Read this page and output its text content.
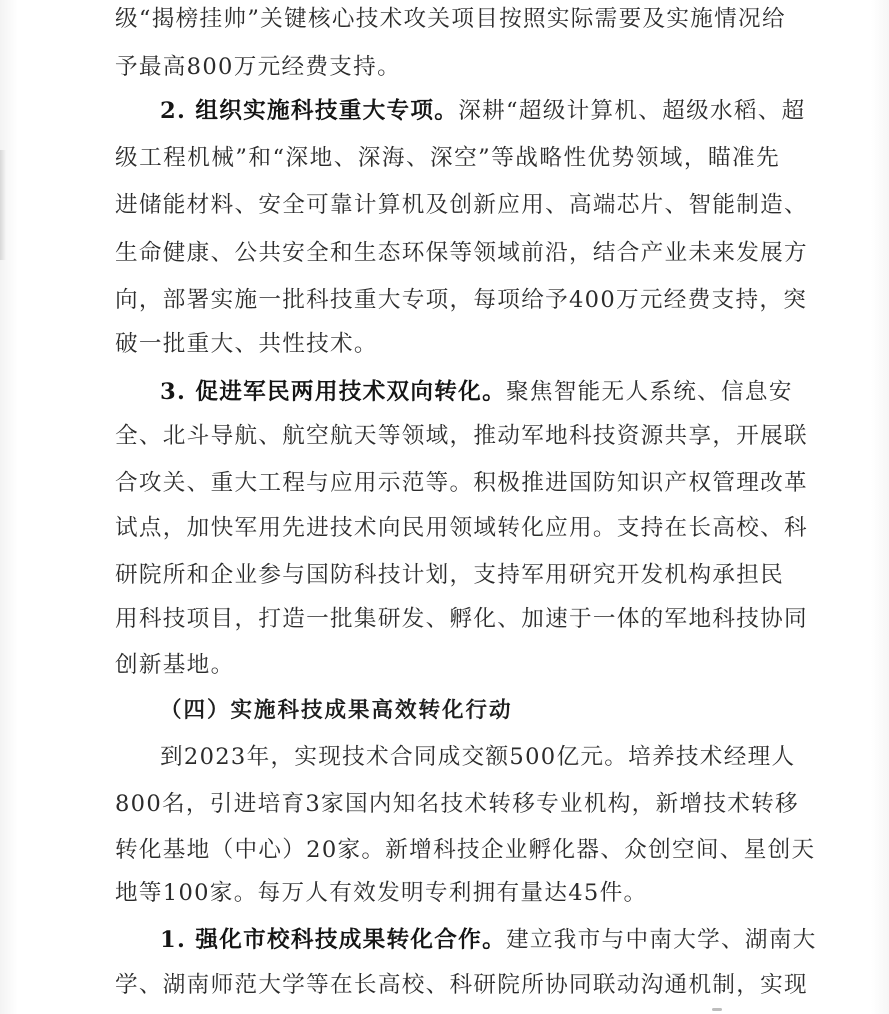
级“揭榜挂帅”关键核心技术攻关项目按照实际需要及实施情况给
予最高800万元经费支持。
2. 组织实施科技重大专项。深耕“超级计算机、超级水稻、超
级工程机械”和“深地、深海、深空”等战略性优势领域，瞄准先
进储能材料、安全可靠计算机及创新应用、高端芯片、智能制造、
生命健康、公共安全和生态环保等领域前沿，结合产业未来发展方
向，部署实施一批科技重大专项，每项给予400万元经费支持，突
破一批重大、共性技术。
3. 促进军民两用技术双向转化。聚焦智能无人系统、信息安
全、北斗导航、航空航天等领域，推动军地科技资源共享，开展联
合攻关、重大工程与应用示范等。积极推进国防知识产权管理改革
试点，加快军用先进技术向民用领域转化应用。支持在长高校、科
研院所和企业参与国防科技计划，支持军用研究开发机构承担民
用科技项目，打造一批集研发、孵化、加速于一体的军地科技协同
创新基地。
（四）实施科技成果高效转化行动
到2023年，实现技术合同成交额500亿元。培养技术经理人
800名，引进培育3家国内知名技术转移专业机构，新增技术转移
转化基地（中心）20家。新增科技企业孵化器、众创空间、星创天
地等100家。每万人有效发明专利拥有量达45件。
1. 强化市校科技成果转化合作。建立我市与中南大学、湖南大
学、湖南师范大学等在长高校、科研院所协同联动沟通机制，实现
